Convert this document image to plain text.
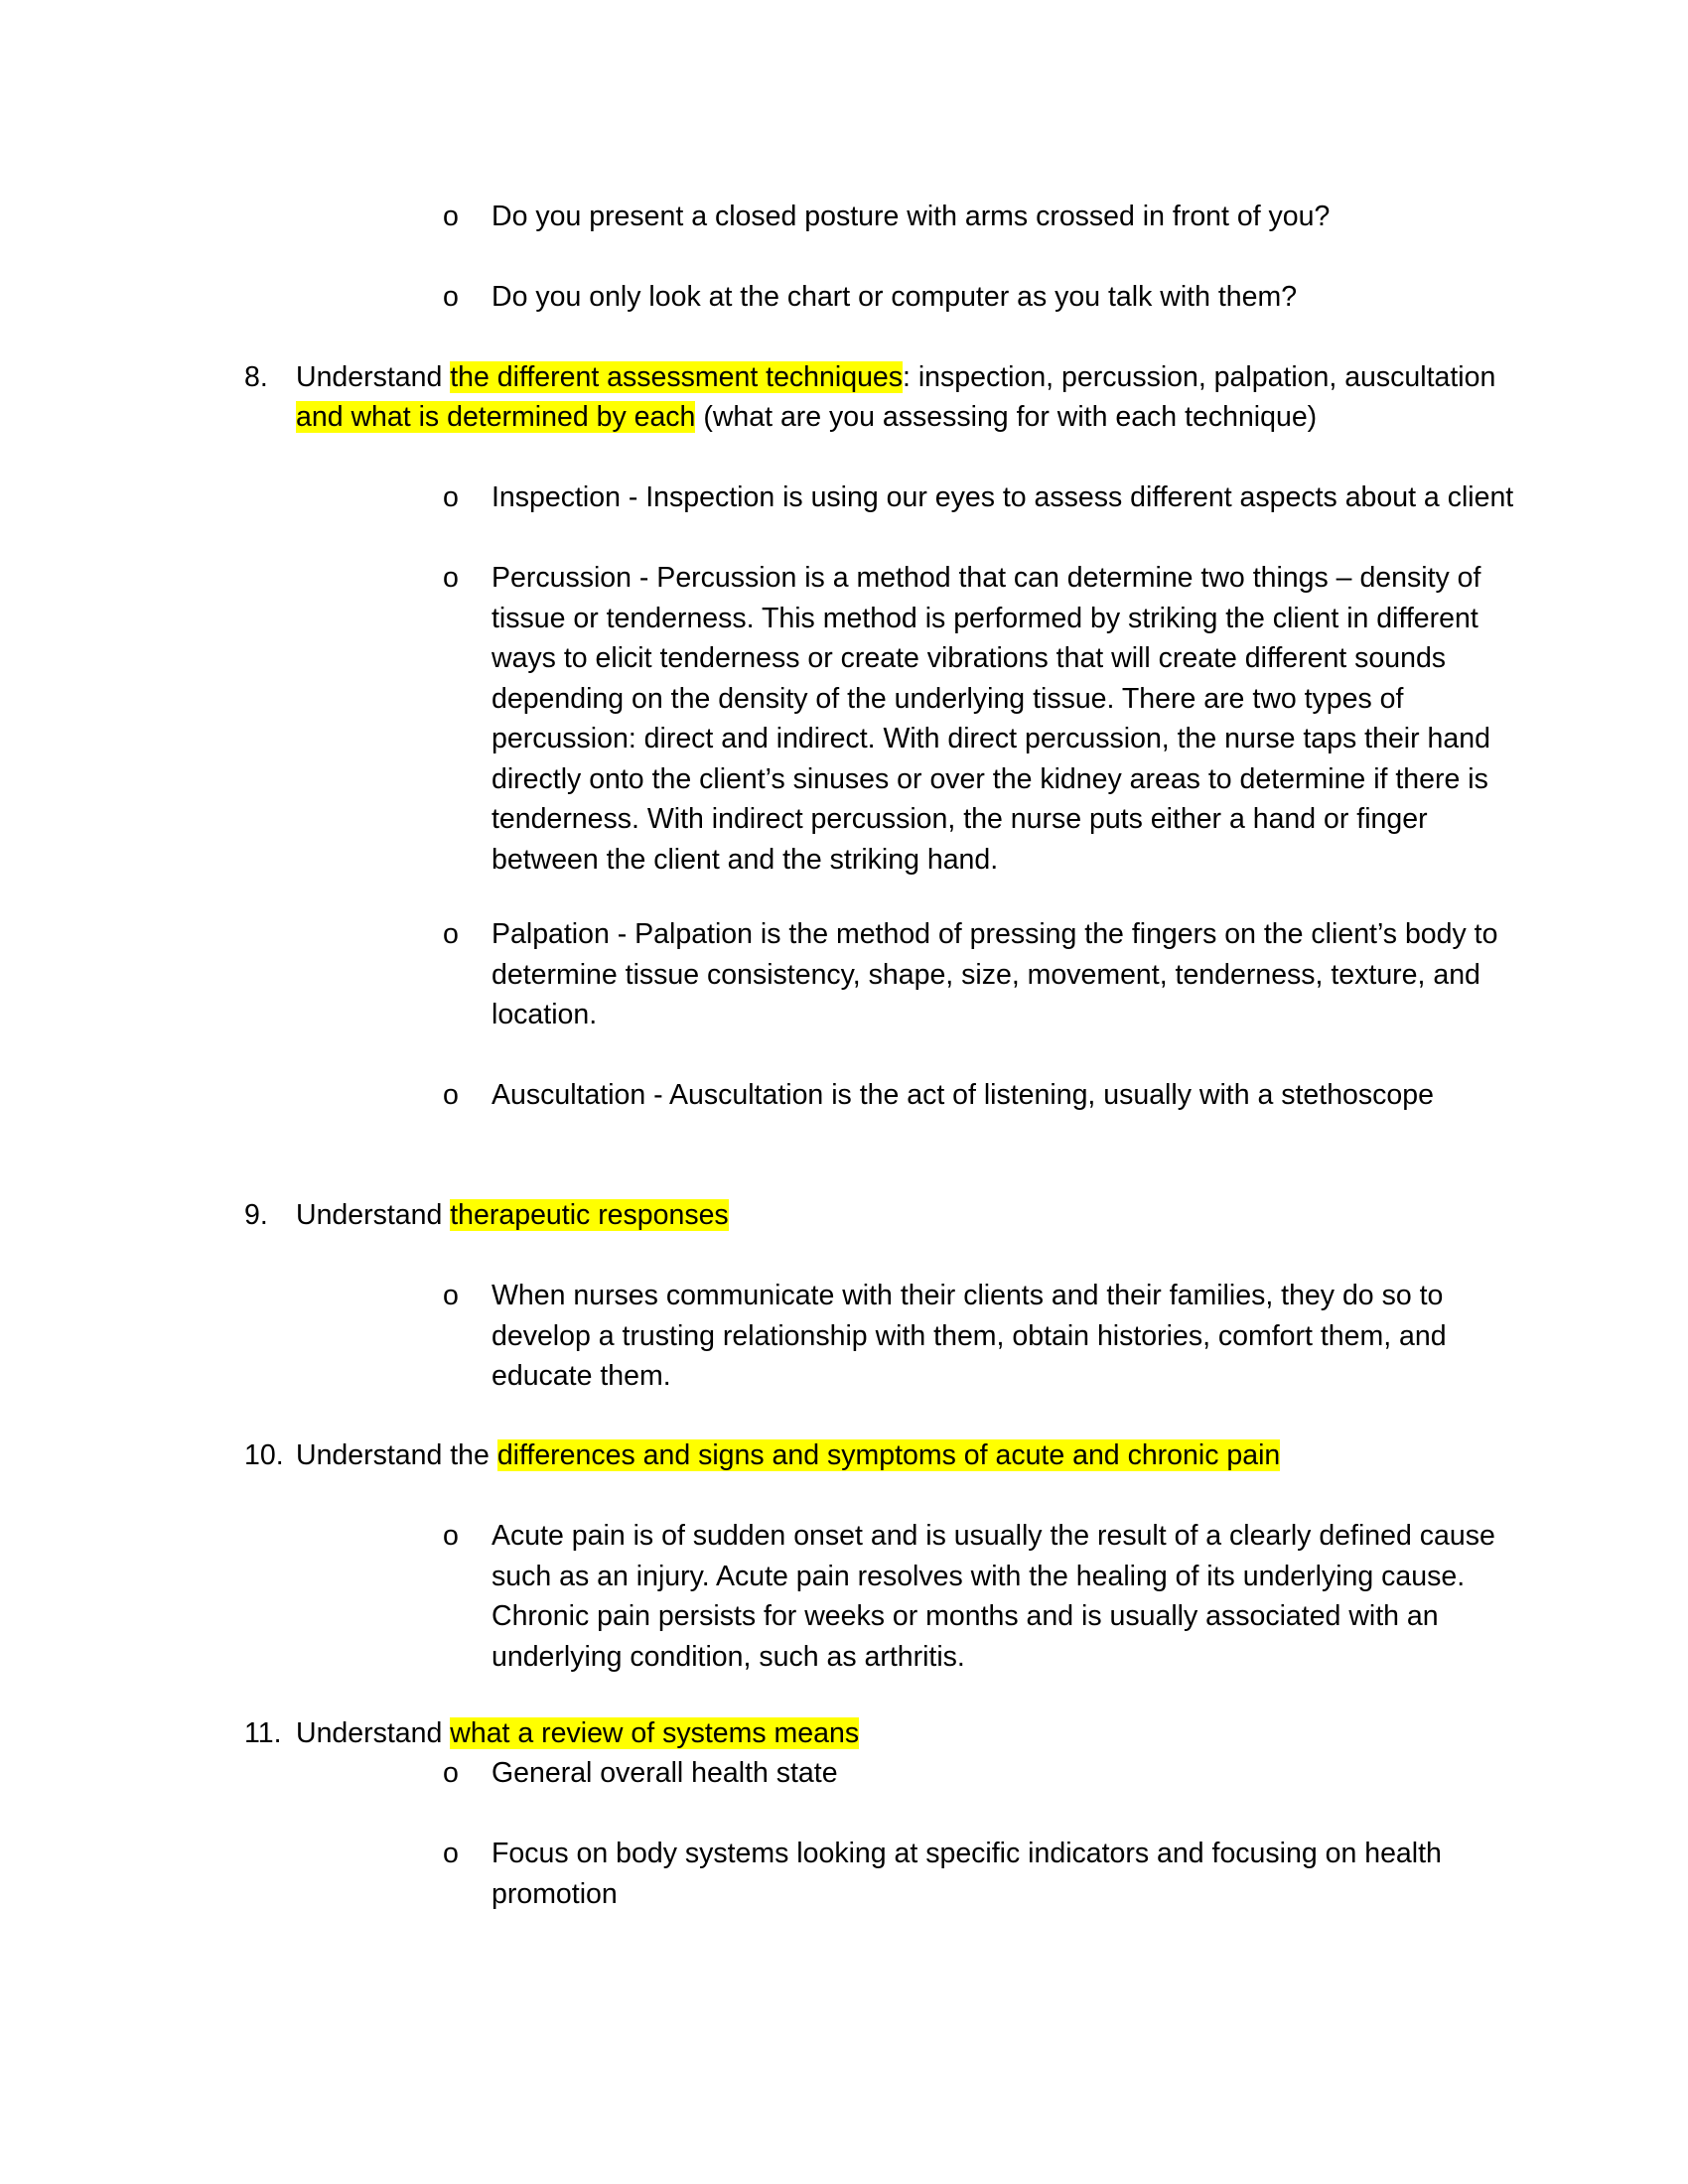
o Do you present a closed posture with arms crossed in front of you?
o Do you only look at the chart or computer as you talk with them?
8. Understand the different assessment techniques: inspection, percussion, palpation, auscultation
and what is determined by each (what are you assessing for with each technique)
o Inspection - Inspection is using our eyes to assess different aspects about a client
o Percussion - Percussion is a method that can determine two things – density of
tissue or tenderness. This method is performed by striking the client in different
ways to elicit tenderness or create vibrations that will create different sounds
depending on the density of the underlying tissue. There are two types of
percussion: direct and indirect. With direct percussion, the nurse taps their hand
directly onto the client’s sinuses or over the kidney areas to determine if there is
tenderness. With indirect percussion, the nurse puts either a hand or finger
between the client and the striking hand.
o Palpation - Palpation is the method of pressing the fingers on the client’s body to
determine tissue consistency, shape, size, movement, tenderness, texture, and
location.
o Auscultation - Auscultation is the act of listening, usually with a stethoscope
9. Understand therapeutic responses
o When nurses communicate with their clients and their families, they do so to
develop a trusting relationship with them, obtain histories, comfort them, and
educate them.
10. Understand the differences and signs and symptoms of acute and chronic pain
o Acute pain is of sudden onset and is usually the result of a clearly defined cause
such as an injury. Acute pain resolves with the healing of its underlying cause.
Chronic pain persists for weeks or months and is usually associated with an
underlying condition, such as arthritis.
11. Understand what a review of systems means
o General overall health state
o Focus on body systems looking at specific indicators and focusing on health
promotion
